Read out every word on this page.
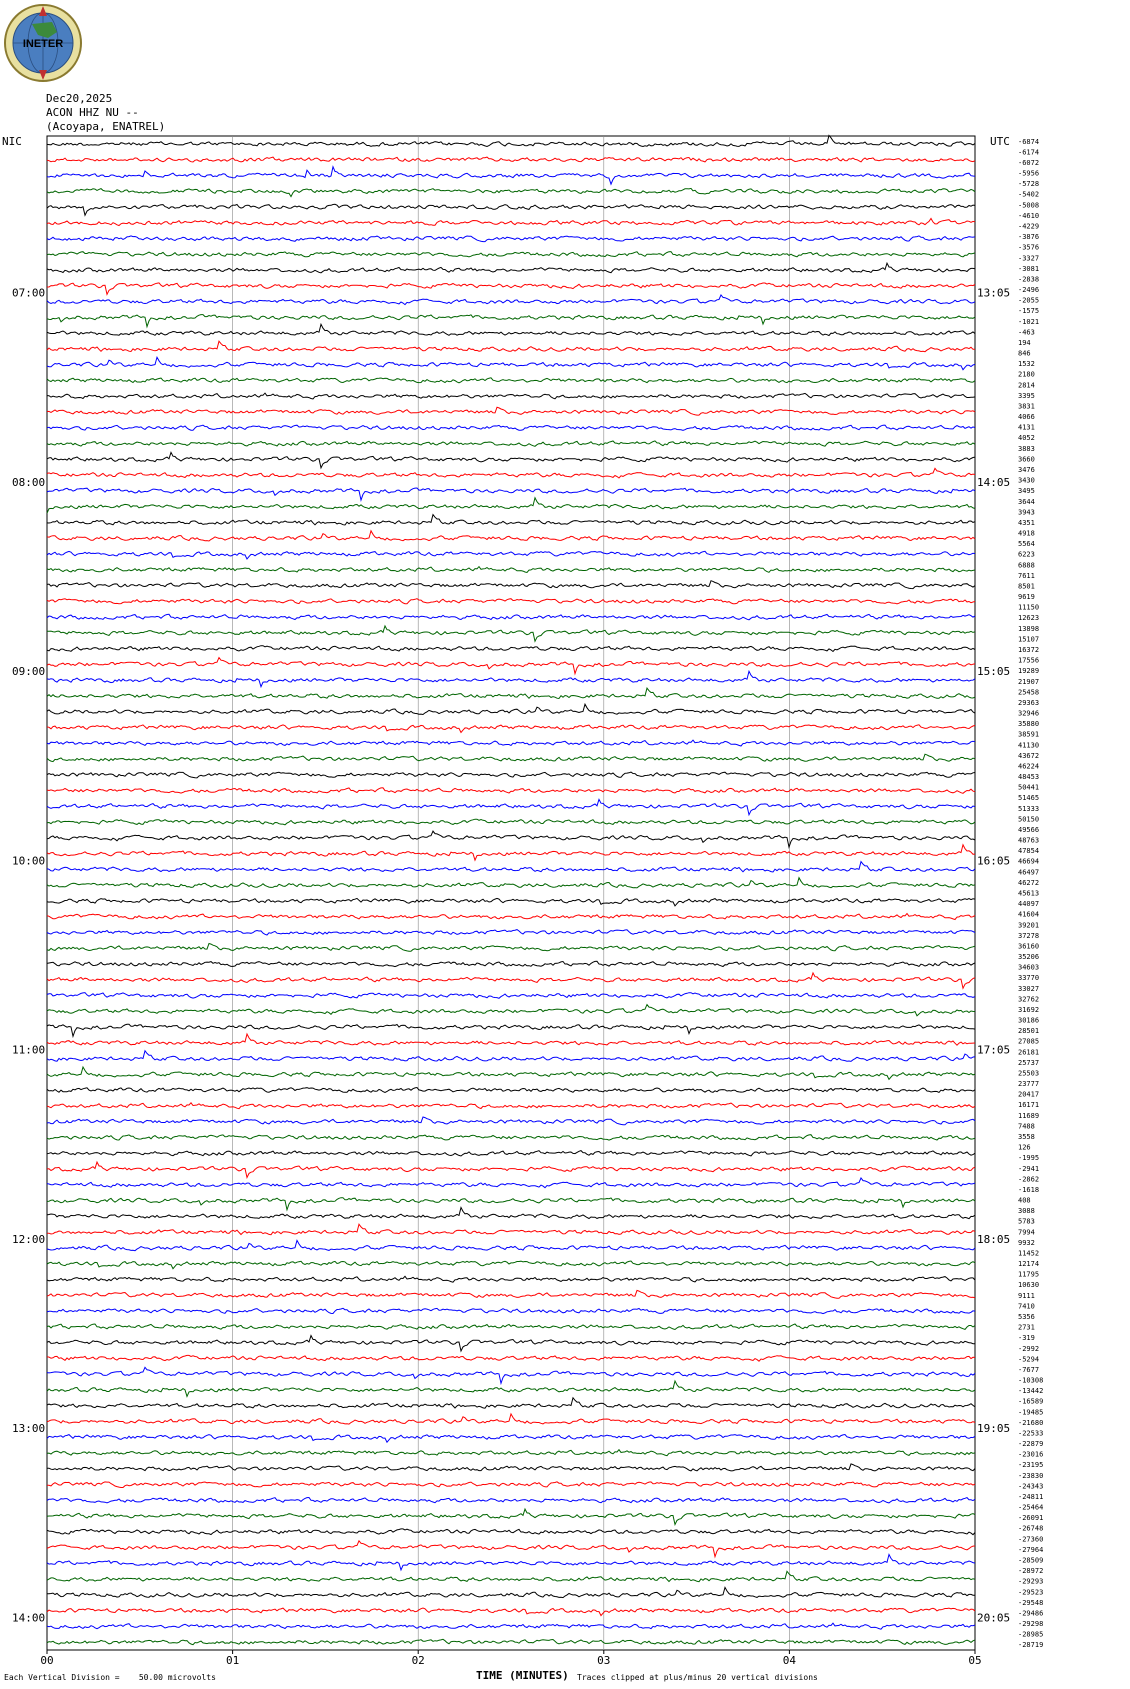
INETER
Dec20,2025
ACON HHZ NU --
(Acoyapa, ENATREL)
NIC	UTC -6874
-6174
-6072
-5956
-5728
-5402
-5008
-4610
-4229
-3876
-3576
-3327
-3081
-2838
-2496
-2055
-1575
-1021
-463
194
846
1532
2180
2814
3395
3831
4066
4131
4052
3883
3660
3476
3430
3495
3644
3943
4351
4918
5564
6223
6888
7611
8501
9619
11150
12623
13898
15107
16372
17556
19289
21907
25458
29363
32946
35880
38591
41130
43672
46224
48453
50441
51465
51333
50150
49566
48763
47854
46694
46497
46272
45613
44097
41604
39201
37278
36160
35206
34603
33770
33027
32762
31692
30186
28501
27085
26181
25737
25503
23777
20417
16171
11689
7488
3558
126
-1995
-2941
-2862
-1618
408
3088
5783
7994
9932
11452
12174
11795
10630
9111
7410
5356
2731
-319
-2992
-5294
-7677
-10308
-13442
-16589
-19485
-21680
-22533
-22879
-23016
-23195
-23830
-24343
-24811
-25464
-26091
-26748
-27360
-27964
-28509
-28972
-29293
-29523
-29548
-29486
-29298
-28985
-28719
07:00
08:00
09:00
10:00
11:00
12:00
13:00
14:00
13:05
14:05
15:05
16:05
17:05
18:05
19:05
20:05
00	01	02	03	04	05
Each Vertical Division =    50.00 microvolts	TIME (MINUTES) Traces clipped at plus/minus 20 vertical divisions
